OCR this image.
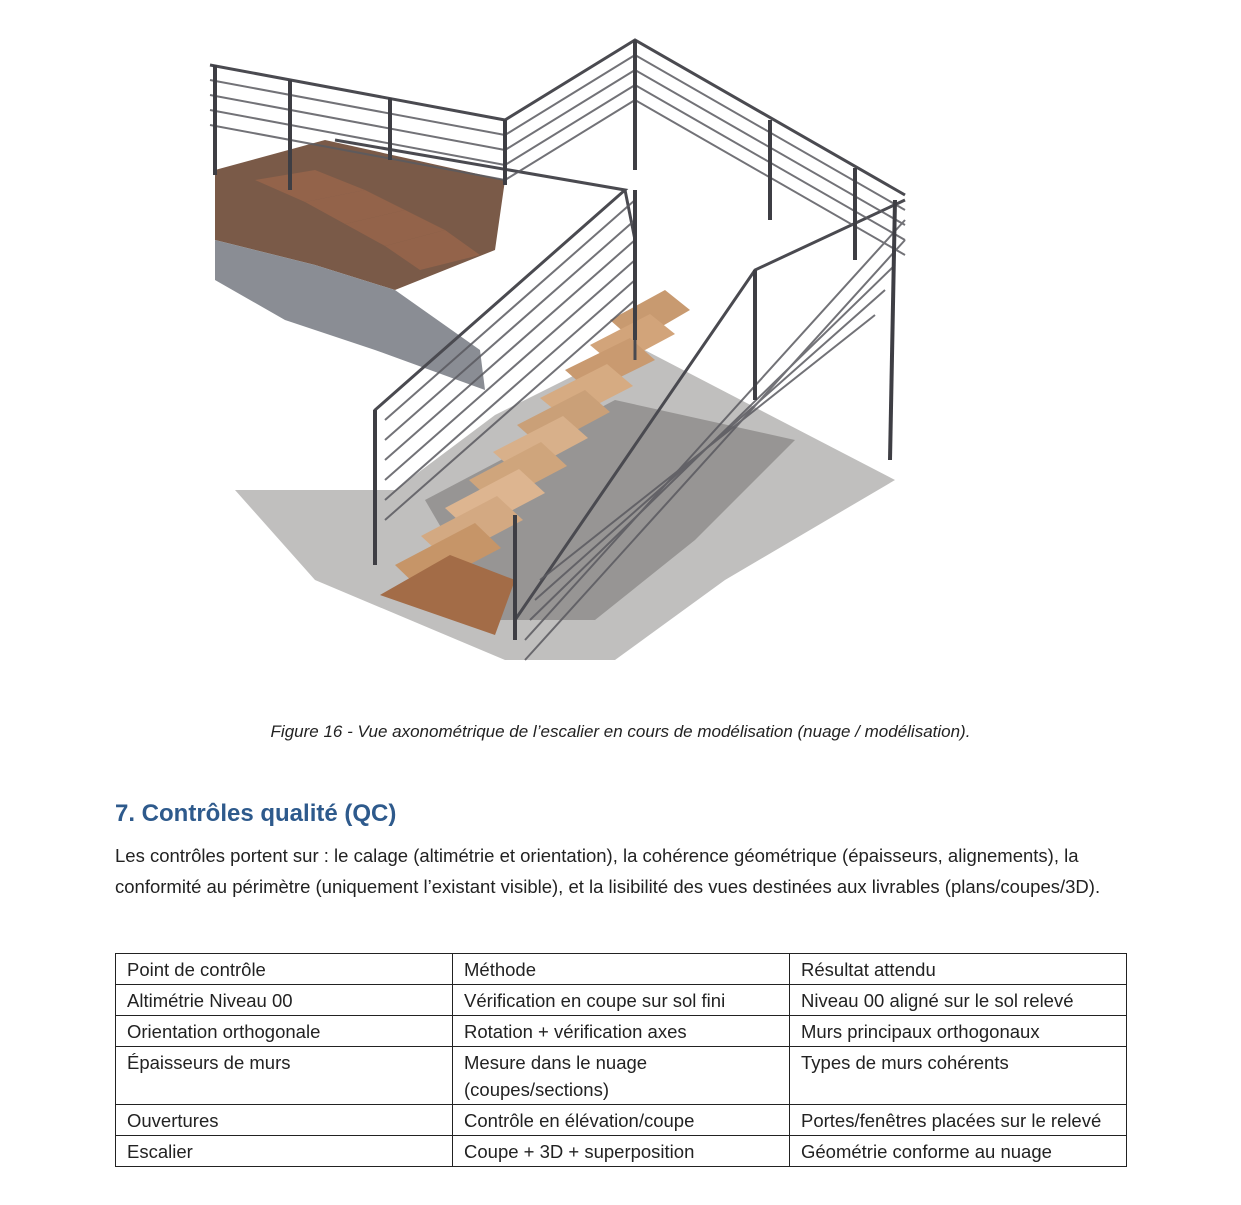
Figure 16 - Vue axonométrique de l’escalier en cours de modélisation (nuage / modélisation).
7. Contrôles qualité (QC)
Les contrôles portent sur : le calage (altimétrie et orientation), la cohérence géométrique (épaisseurs, alignements), la conformité au périmètre (uniquement l’existant visible), et la lisibilité des vues destinées aux livrables (plans/coupes/3D).
Point de contrôle	Méthode	Résultat attendu
Altimétrie Niveau 00	Vérification en coupe sur sol fini	Niveau 00 aligné sur le sol relevé
Orientation orthogonale	Rotation + vérification axes	Murs principaux orthogonaux
Épaisseurs de murs	Mesure dans le nuage (coupes/sections)	Types de murs cohérents
Ouvertures	Contrôle en élévation/coupe	Portes/fenêtres placées sur le relevé
Escalier	Coupe + 3D + superposition	Géométrie conforme au nuage
